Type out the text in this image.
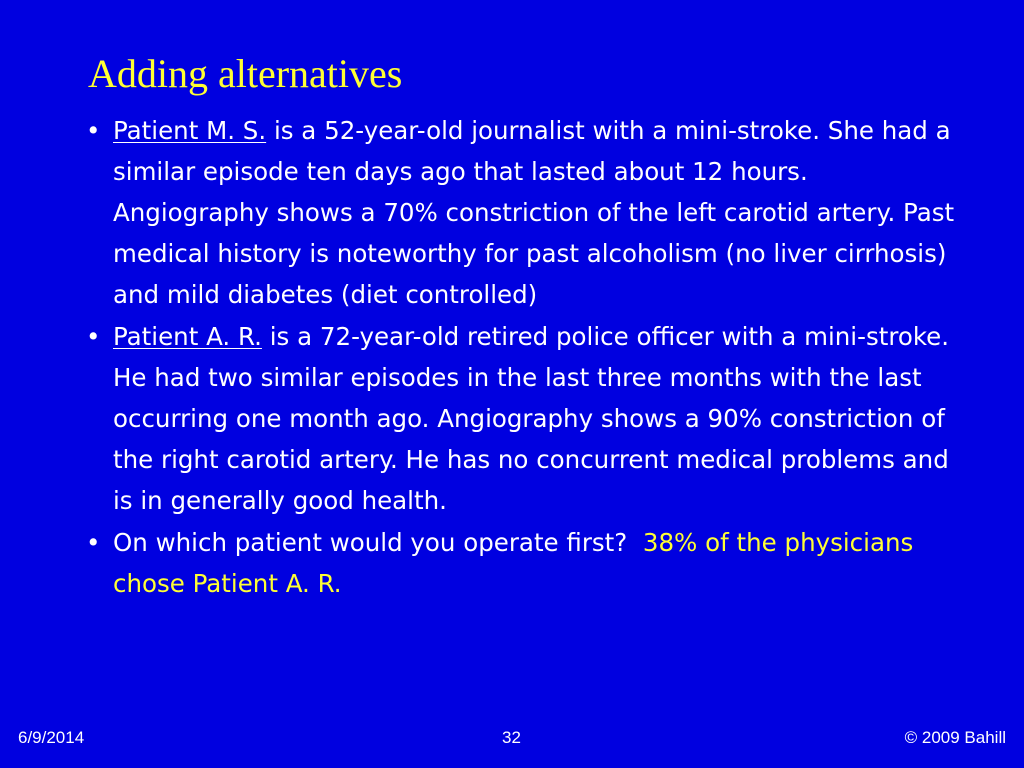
Adding alternatives
• Patient M. S. is a 52-year-old journalist with a mini-stroke. She had a similar episode ten days ago that lasted about 12 hours. Angiography shows a 70% constriction of the left carotid artery. Past medical history is noteworthy for past alcoholism (no liver cirrhosis) and mild diabetes (diet controlled)
• Patient A. R. is a 72-year-old retired police officer with a mini-stroke. He had two similar episodes in the last three months with the last occurring one month ago. Angiography shows a 90% constriction of the right carotid artery. He has no concurrent medical problems and is in generally good health.
• On which patient would you operate first? 38% of the physicians chose Patient A. R.
6/9/2014	32	© 2009 Bahill
